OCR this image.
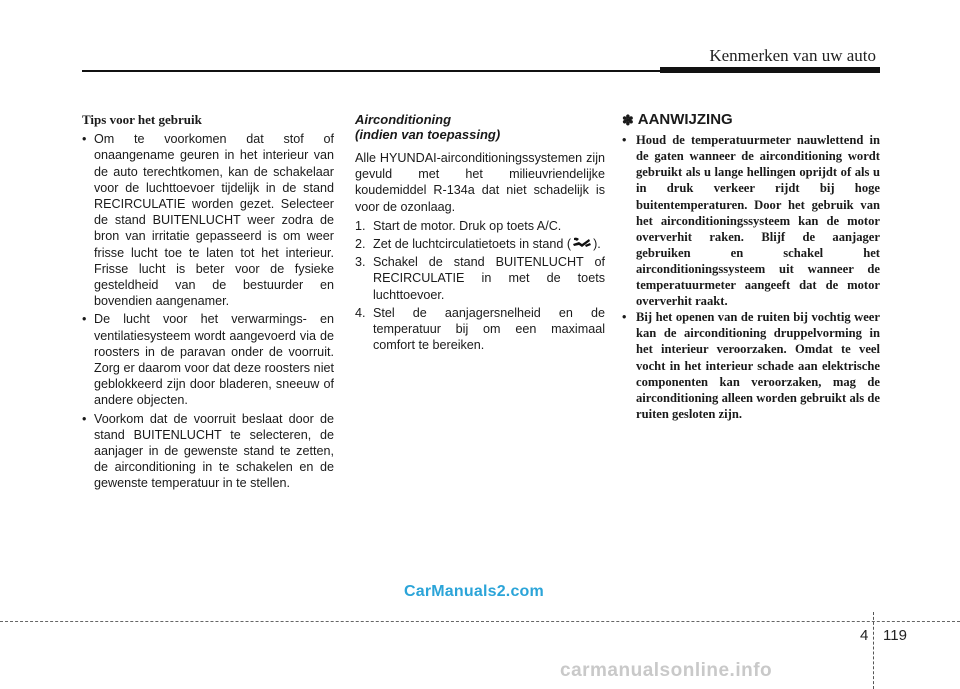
Kenmerken van uw auto
Tips voor het gebruik
• Om te voorkomen dat stof of onaangename geuren in het interieur van de auto terechtkomen, kan de schakelaar voor de luchttoevoer tijdelijk in de stand RECIRCULATIE worden gezet. Selecteer de stand BUITENLUCHT weer zodra de bron van irritatie gepasseerd is om weer frisse lucht toe te laten tot het interieur. Frisse lucht is beter voor de fysieke gesteldheid van de bestuurder en bovendien aangenamer.
• De lucht voor het verwarmings- en ventilatiesysteem wordt aangevoerd via de roosters in de paravan onder de voorruit. Zorg er daarom voor dat deze roosters niet geblokkeerd zijn door bladeren, sneeuw of andere objecten.
• Voorkom dat de voorruit beslaat door de stand BUITENLUCHT te selecteren, de aanjager in de gewenste stand te zetten, de airconditioning in te schakelen en de gewenste temperatuur in te stellen.
Airconditioning
(indien van toepassing)

Alle HYUNDAI-airconditioningssystemen zijn gevuld met het milieuvriendelijke koudemiddel R-134a dat niet schadelijk is voor de ozonlaag.

1. Start de motor. Druk op toets A/C.
2. Zet de luchtcirculatietoets in stand ( ).
3. Schakel de stand BUITENLUCHT of RECIRCULATIE in met de toets luchttoevoer.
4. Stel de aanjagersnelheid en de temperatuur bij om een maximaal comfort te bereiken.
✽ AANWIJZING
• Houd de temperatuurmeter nauwlettend in de gaten wanneer de airconditioning wordt gebruikt als u lange hellingen oprijdt of als u in druk verkeer rijdt bij hoge buitentemperaturen. Door het gebruik van het airconditioningssysteem kan de motor oververhit raken. Blijf de aanjager gebruiken en schakel het airconditioningssysteem uit wanneer de temperatuurmeter aangeeft dat de motor oververhit raakt.
• Bij het openen van de ruiten bij vochtig weer kan de airconditioning druppelvorming in het interieur veroorzaken. Omdat te veel vocht in het interieur schade aan elektrische componenten kan veroorzaken, mag de airconditioning alleen worden gebruikt als de ruiten gesloten zijn.
CarManuals2.com
4 119
carmanualsonline.info
